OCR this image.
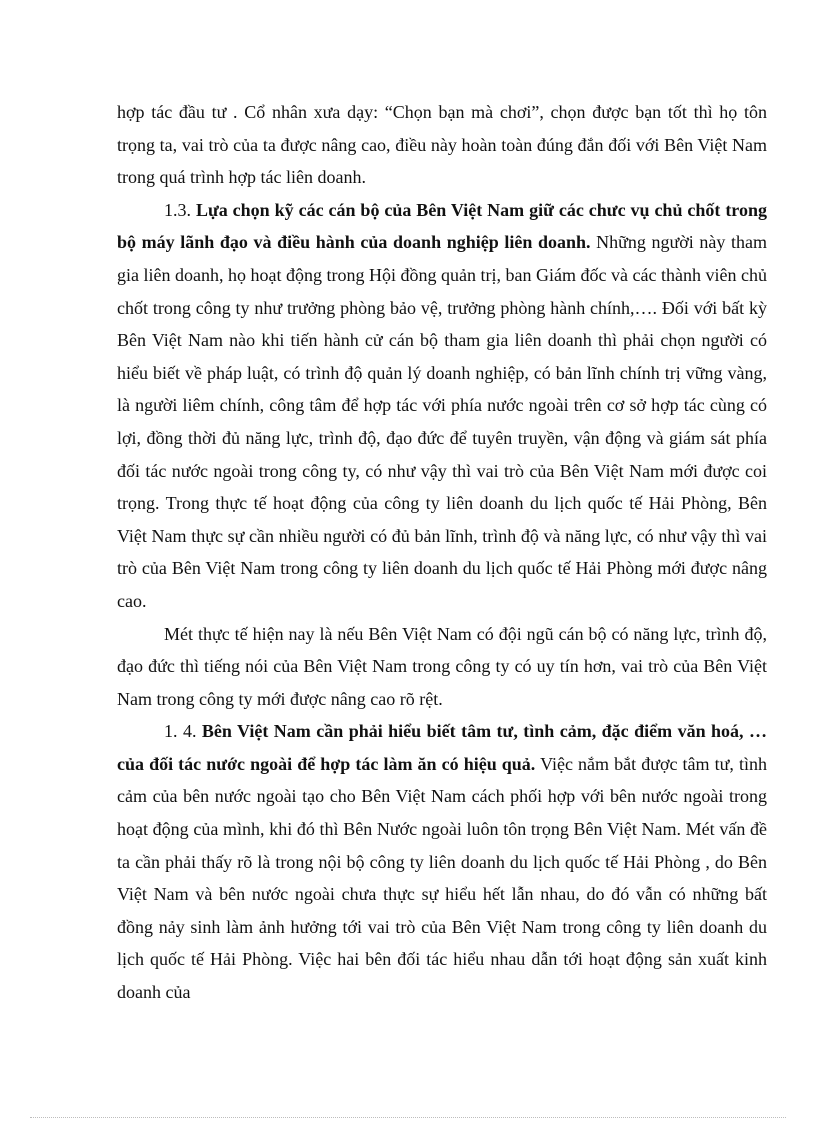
hợp tác đầu tư . Cổ nhân xưa dạy: “Chọn bạn mà chơi”, chọn được bạn tốt thì họ tôn trọng ta, vai trò của ta được nâng cao, điều này hoàn toàn đúng đắn đối với Bên Việt Nam trong quá trình hợp tác liên doanh.

1.3. Lựa chọn kỹ các cán bộ của Bên Việt Nam giữ các chưc vụ chủ chốt trong bộ máy lãnh đạo và điều hành của doanh nghiệp liên doanh. Những người này tham gia liên doanh, họ hoạt động trong Hội đồng quản trị, ban Giám đốc và các thành viên chủ chốt trong công ty như trưởng phòng bảo vệ, trưởng phòng hành chính,…. Đối với bất kỳ Bên Việt Nam nào khi tiến hành cử cán bộ tham gia liên doanh thì phải chọn người có hiểu biết về pháp luật, có trình độ quản lý doanh nghiệp, có bản lĩnh chính trị vững vàng, là người liêm chính, công tâm để hợp tác với phía nước ngoài trên cơ sở hợp tác cùng có lợi, đồng thời đủ năng lực, trình độ, đạo đức để tuyên truyền, vận động và giám sát phía đối tác nước ngoài trong công ty, có như vậy thì vai trò của Bên Việt Nam mới được coi trọng. Trong thực tế hoạt động của công ty liên doanh du lịch quốc tế Hải Phòng, Bên Việt Nam thực sự cần nhiều người có đủ bản lĩnh, trình độ và năng lực, có như vậy thì vai trò của Bên Việt Nam trong công ty liên doanh du lịch quốc tế Hải Phòng mới được nâng cao.

Mét thực tế hiện nay là nếu Bên Việt Nam có đội ngũ cán bộ có năng lực, trình độ, đạo đức thì tiếng nói của Bên Việt Nam trong công ty có uy tín hơn, vai trò của Bên Việt Nam trong công ty mới được nâng cao rõ rệt.

1. 4. Bên Việt Nam cần phải hiểu biết tâm tư, tình cảm, đặc điểm văn hoá, … của đối tác nước ngoài để hợp tác làm ăn có hiệu quả. Việc nắm bắt được tâm tư, tình cảm của bên nước ngoài tạo cho Bên Việt Nam cách phối hợp với bên nước ngoài trong hoạt động của mình, khi đó thì Bên Nước ngoài luôn tôn trọng Bên Việt Nam. Mét vấn đề ta cần phải thấy rõ là trong nội bộ công ty liên doanh du lịch quốc tế Hải Phòng , do Bên Việt Nam và bên nước ngoài chưa thực sự hiểu hết lẫn nhau, do đó vẫn có những bất đồng nảy sinh làm ảnh hưởng tới vai trò của Bên Việt Nam trong công ty liên doanh du lịch quốc tế Hải Phòng. Việc hai bên đối tác hiểu nhau dẫn tới hoạt động sản xuất kinh doanh của
